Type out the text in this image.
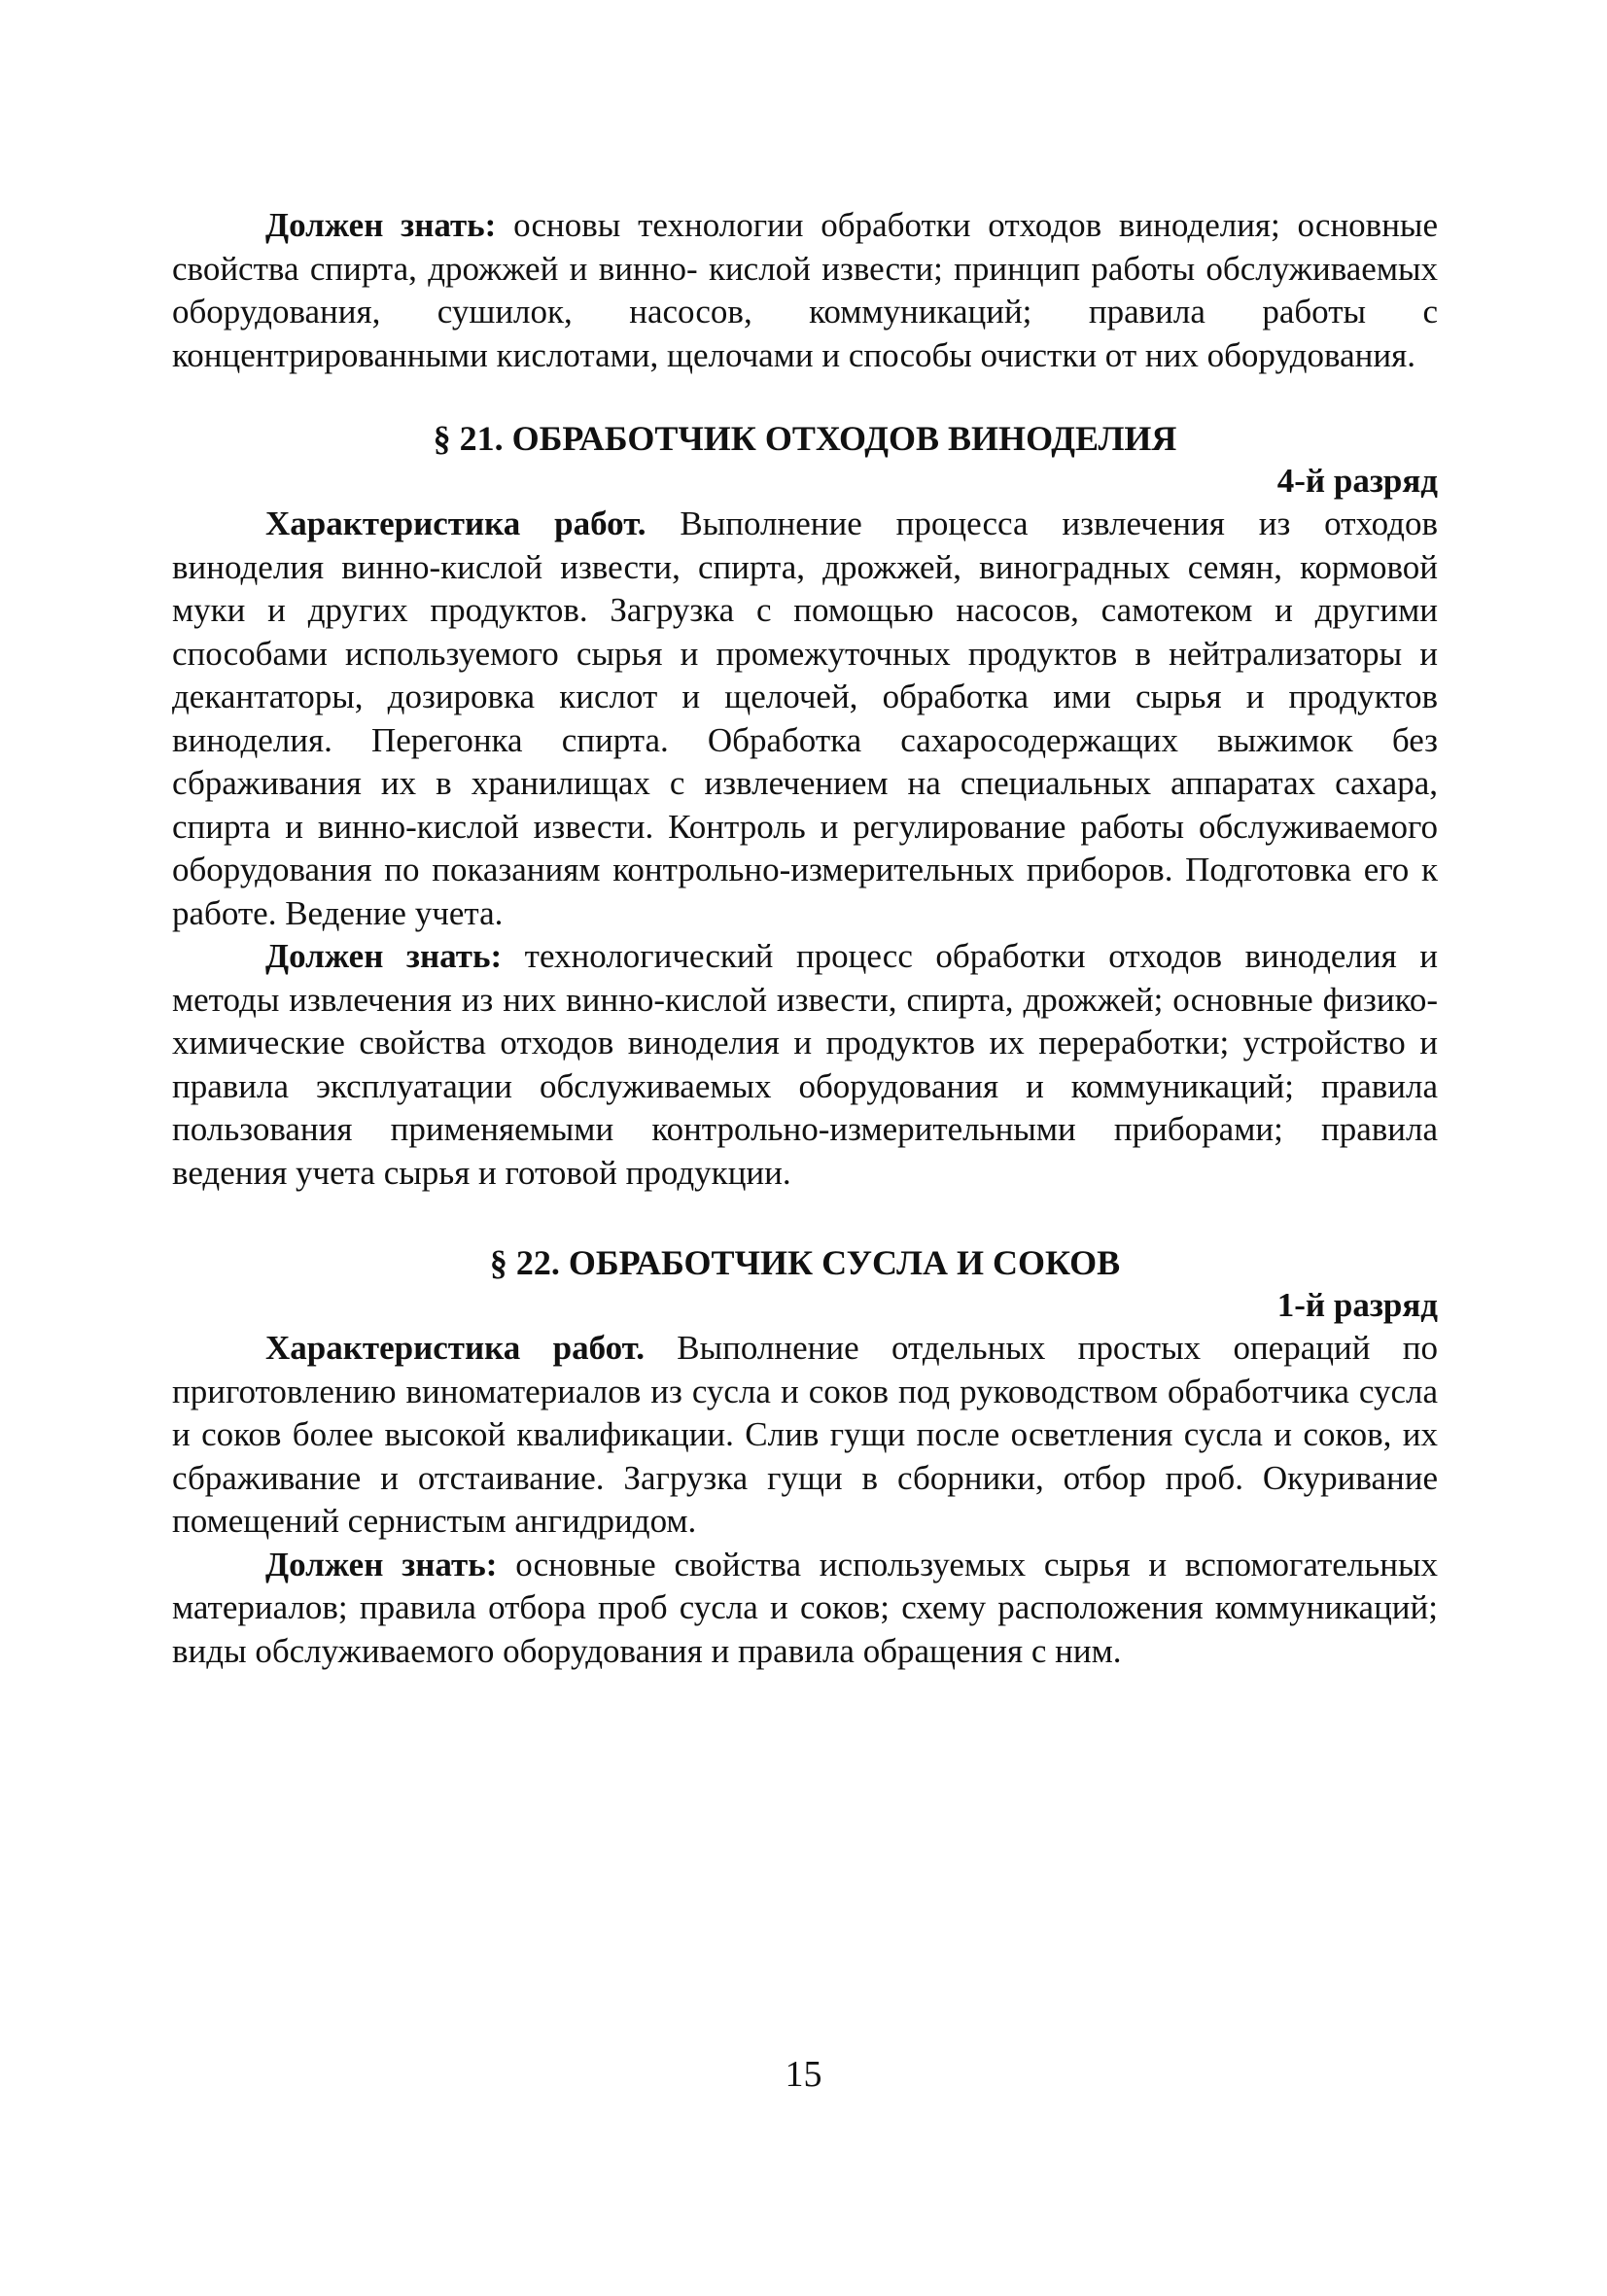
Должен знать: основы технологии обработки отходов виноделия; основные свойства спирта, дрожжей и винно- кислой извести; принцип работы обслуживаемых оборудования, сушилок, насосов, коммуникаций; правила работы с концентрированными кислотами, щелочами и способы очистки от них оборудования.

§ 21. ОБРАБОТЧИК ОТХОДОВ ВИНОДЕЛИЯ

4-й разряд

Характеристика работ. Выполнение процесса извлечения из отходов виноделия винно-кислой извести, спирта, дрожжей, виноградных семян, кормовой муки и других продуктов. Загрузка с помощью насосов, самотеком и другими способами используемого сырья и промежуточных продуктов в нейтрализаторы и декантаторы, дозировка кислот и щелочей, обработка ими сырья и продуктов виноделия. Перегонка спирта. Обработка сахаросодержащих выжимок без сбраживания их в хранилищах с извлечением на специальных аппаратах сахара, спирта и винно-кислой извести. Контроль и регулирование работы обслуживаемого оборудования по показаниям контрольно-измерительных приборов. Подготовка его к работе. Ведение учета.

Должен знать: технологический процесс обработки отходов виноделия и методы извлечения из них винно-кислой извести, спирта, дрожжей; основные физико-химические свойства отходов виноделия и продуктов их переработки; устройство и правила эксплуатации обслуживаемых оборудования и коммуникаций; правила пользования применяемыми контрольно-измерительными приборами; правила ведения учета сырья и готовой продукции.

§ 22. ОБРАБОТЧИК СУСЛА И СОКОВ

1-й разряд

Характеристика работ. Выполнение отдельных простых операций по приготовлению виноматериалов из сусла и соков под руководством обработчика сусла и соков более высокой квалификации. Слив гущи после осветления сусла и соков, их сбраживание и отстаивание. Загрузка гущи в сборники, отбор проб. Окуривание помещений сернистым ангидридом.

Должен знать: основные свойства используемых сырья и вспомогательных материалов; правила отбора проб сусла и соков; схему расположения коммуникаций; виды обслуживаемого оборудования и правила обращения с ним.

15
